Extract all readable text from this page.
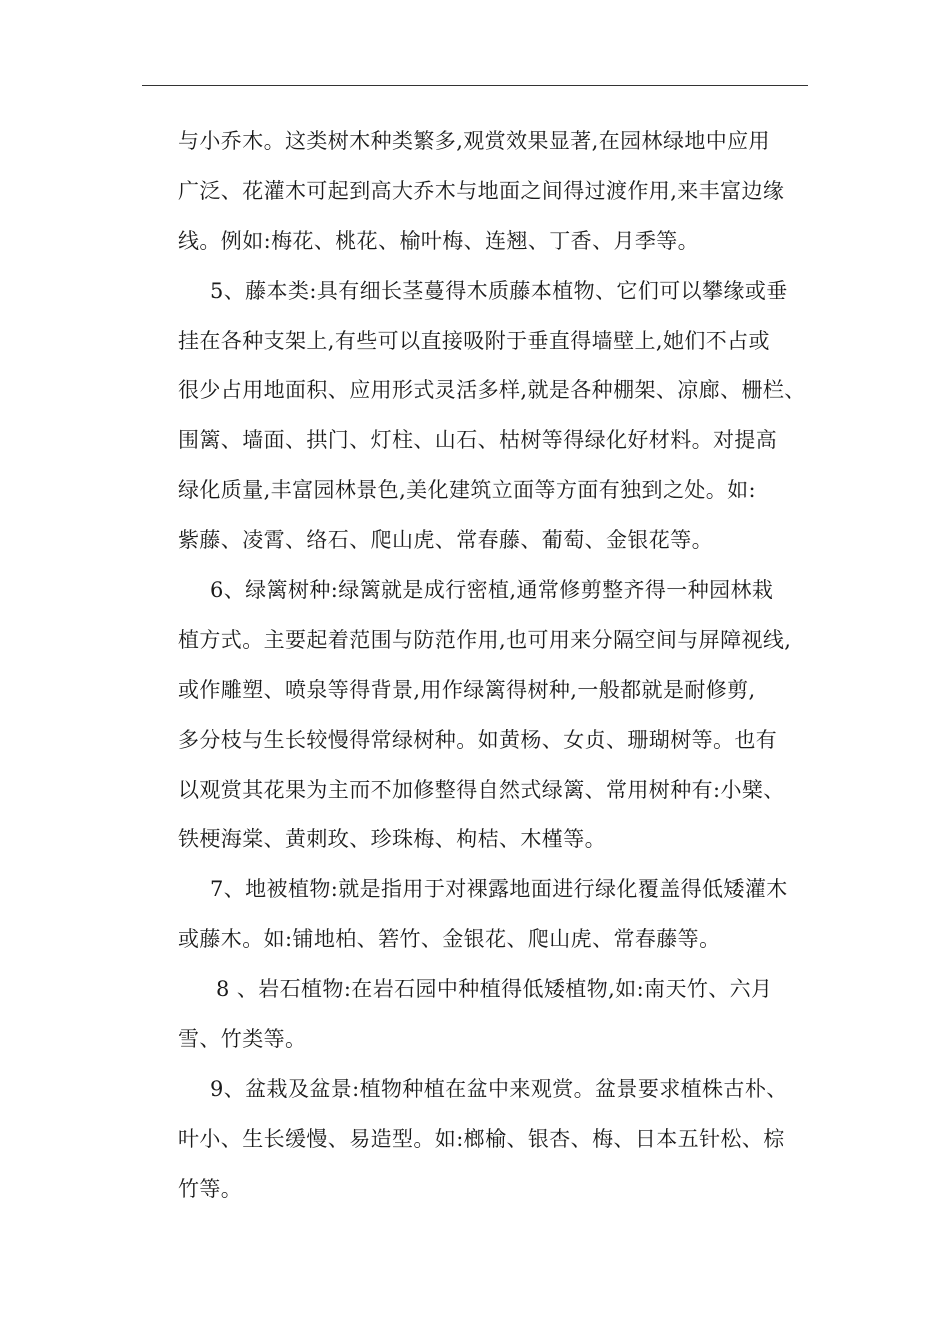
与小乔木。这类树木种类繁多,观赏效果显著,在园林绿地中应用
广泛、花灌木可起到高大乔木与地面之间得过渡作用,来丰富边缘
线。例如:梅花、桃花、榆叶梅、连翘、丁香、月季等。
5、藤本类:具有细长茎蔓得木质藤本植物、它们可以攀缘或垂
挂在各种支架上,有些可以直接吸附于垂直得墙壁上,她们不占或
很少占用地面积、应用形式灵活多样,就是各种棚架、凉廊、栅栏、
围篱、墙面、拱门、灯柱、山石、枯树等得绿化好材料。对提高
绿化质量,丰富园林景色,美化建筑立面等方面有独到之处。如:
紫藤、凌霄、络石、爬山虎、常春藤、葡萄、金银花等。
6、绿篱树种:绿篱就是成行密植,通常修剪整齐得一种园林栽
植方式。主要起着范围与防范作用,也可用来分隔空间与屏障视线,
或作雕塑、喷泉等得背景,用作绿篱得树种,一般都就是耐修剪,
多分枝与生长较慢得常绿树种。如黄杨、女贞、珊瑚树等。也有
以观赏其花果为主而不加修整得自然式绿篱、常用树种有:小檗、
铁梗海棠、黄刺玫、珍珠梅、枸桔、木槿等。
7、地被植物:就是指用于对裸露地面进行绿化覆盖得低矮灌木
或藤木。如:铺地柏、箬竹、金银花、爬山虎、常春藤等。
8 、岩石植物:在岩石园中种植得低矮植物,如:南天竹、六月
雪、竹类等。
9、盆栽及盆景:植物种植在盆中来观赏。盆景要求植株古朴、
叶小、生长缓慢、易造型。如:榔榆、银杏、梅、日本五针松、棕
竹等。
